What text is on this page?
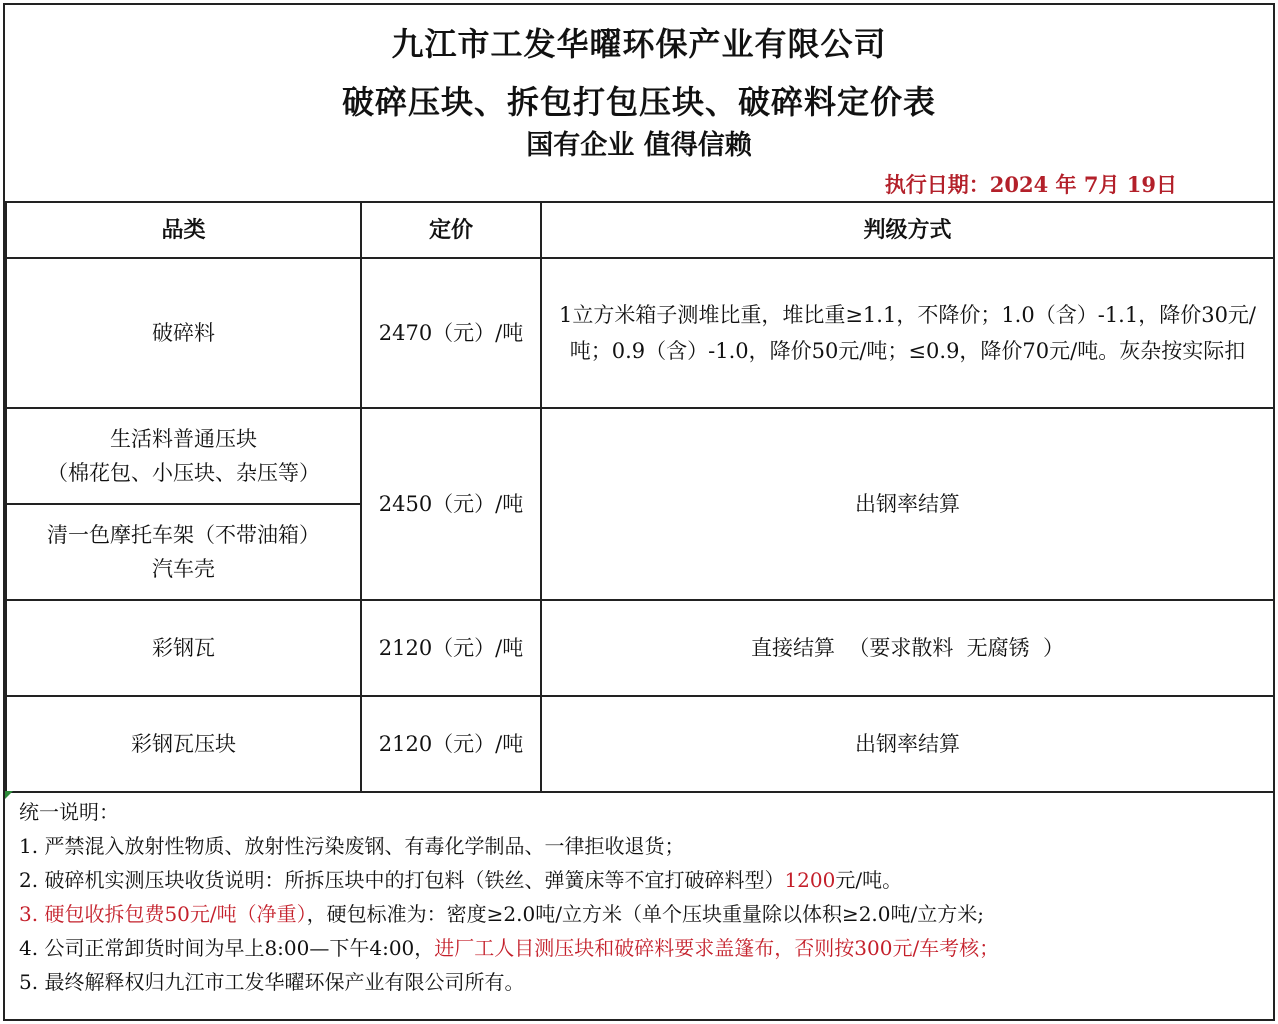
九江市工发华曜环保产业有限公司
破碎压块、拆包打包压块、破碎料定价表
国有企业 值得信赖
执行日期：2024 年 7月 19日
品类	定价	判级方式
破碎料	2470（元）/吨	1立方米箱子测堆比重，堆比重≥1.1，不降价；1.0（含）-1.1，降价30元/吨；0.9（含）-1.0，降价50元/吨；≤0.9，降价70元/吨。灰杂按实际扣

生活料普通压块
（棉花包、小压块、杂压等）	2450（元）/吨	出钢率结算

清一色摩托车架（不带油箱）
汽车壳		

彩钢瓦	2120（元）/吨	直接结算  （要求散料  无腐锈  ）
彩钢瓦压块	2120（元）/吨	出钢率结算
统一说明：
1. 严禁混入放射性物质、放射性污染废钢、有毒化学制品、一律拒收退货；
2. 破碎机实测压块收货说明：所拆压块中的打包料（铁丝、弹簧床等不宜打破碎料型）1200元/吨。
3. 硬包收拆包费50元/吨（净重），硬包标准为：密度≥2.0吨/立方米（单个压块重量除以体积≥2.0吨/立方米;
4. 公司正常卸货时间为早上8:00—下午4:00，进厂工人目测压块和破碎料要求盖篷布，否则按300元/车考核；
5. 最终解释权归九江市工发华曜环保产业有限公司所有。
